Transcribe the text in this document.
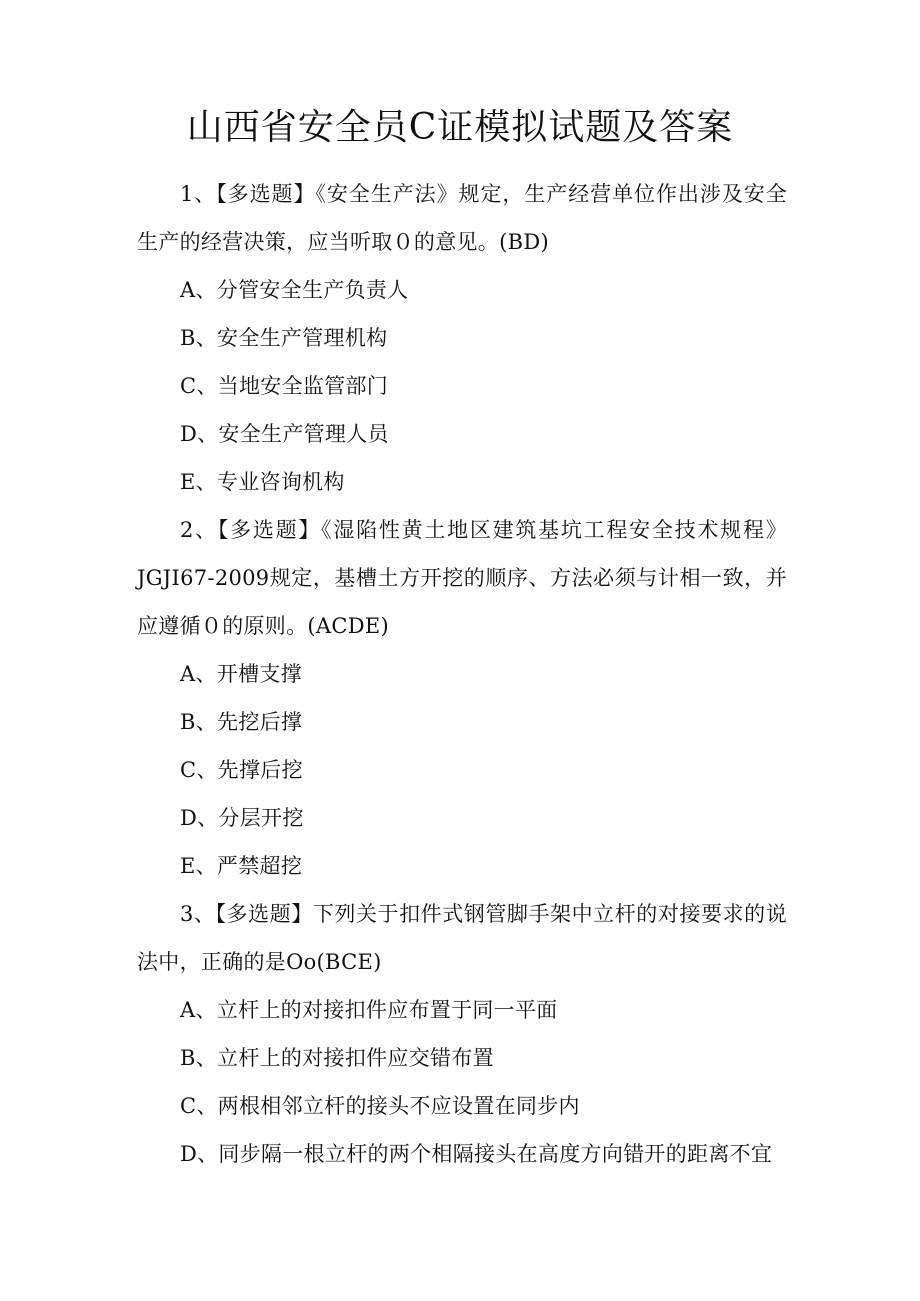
山西省安全员C证模拟试题及答案

1、【多选题】《安全生产法》规定，生产经营单位作出涉及安全生产的经营决策，应当听取０的意见。(BD)

A、分管安全生产负责人

B、安全生产管理机构

C、当地安全监管部门

D、安全生产管理人员

E、专业咨询机构

2、【多选题】《湿陷性黄土地区建筑基坑工程安全技术规程》JGJI67-2009规定，基槽土方开挖的顺序、方法必须与计相一致，并应遵循０的原则。(ACDE)

A、开槽支撑

B、先挖后撑

C、先撑后挖

D、分层开挖

E、严禁超挖

3、【多选题】下列关于扣件式钢管脚手架中立杆的对接要求的说法中，正确的是Oo(BCE)

A、立杆上的对接扣件应布置于同一平面

B、立杆上的对接扣件应交错布置

C、两根相邻立杆的接头不应设置在同步内

D、同步隔一根立杆的两个相隔接头在高度方向错开的距离不宜
